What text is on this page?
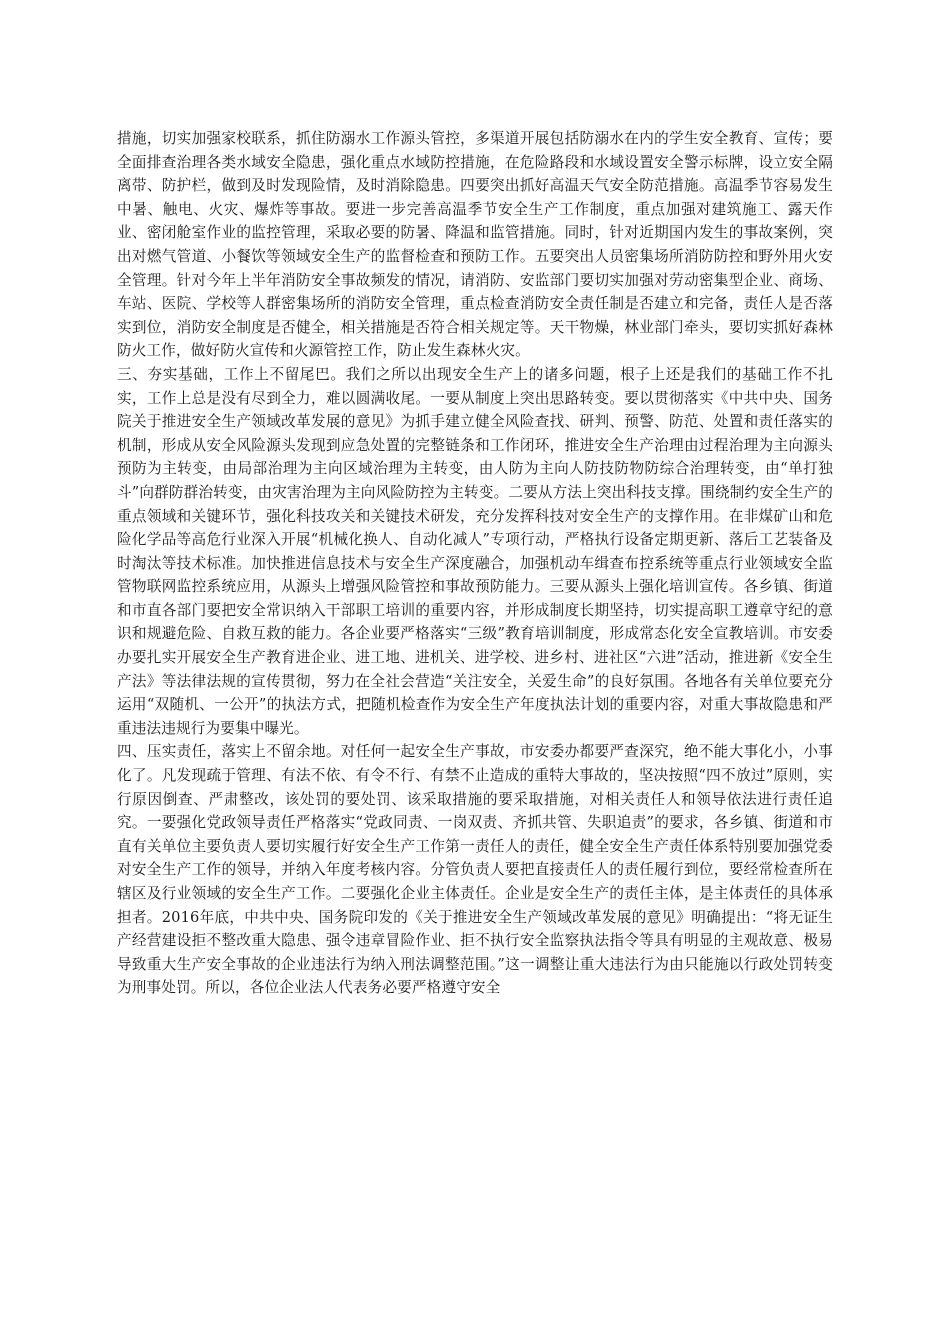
措施，切实加强家校联系，抓住防溺水工作源头管控，多渠道开展包括防溺水在内的学生安全教育、宣传；要全面排查治理各类水域安全隐患，强化重点水域防控措施，在危险路段和水域设置安全警示标牌，设立安全隔离带、防护栏，做到及时发现险情，及时消除隐患。四要突出抓好高温天气安全防范措施。高温季节容易发生中暑、触电、火灾、爆炸等事故。要进一步完善高温季节安全生产工作制度，重点加强对建筑施工、露天作业、密闭舱室作业的监控管理，采取必要的防暑、降温和监管措施。同时，针对近期国内发生的事故案例，突出对燃气管道、小餐饮等领域安全生产的监督检查和预防工作。五要突出人员密集场所消防防控和野外用火安全管理。针对今年上半年消防安全事故频发的情况，请消防、安监部门要切实加强对劳动密集型企业、商场、车站、医院、学校等人群密集场所的消防安全管理，重点检查消防安全责任制是否建立和完备，责任人是否落实到位，消防安全制度是否健全，相关措施是否符合相关规定等。天干物燥，林业部门牵头，要切实抓好森林防火工作，做好防火宣传和火源管控工作，防止发生森林火灾。

三、夯实基础，工作上不留尾巴。我们之所以出现安全生产上的诸多问题，根子上还是我们的基础工作不扎实，工作上总是没有尽到全力，难以圆满收尾。一要从制度上突出思路转变。要以贯彻落实《中共中央、国务院关于推进安全生产领域改革发展的意见》为抓手建立健全风险查找、研判、预警、防范、处置和责任落实的机制，形成从安全风险源头发现到应急处置的完整链条和工作闭环，推进安全生产治理由过程治理为主向源头预防为主转变，由局部治理为主向区域治理为主转变，由人防为主向人防技防物防综合治理转变，由“单打独斗”向群防群治转变，由灾害治理为主向风险防控为主转变。二要从方法上突出科技支撑。围绕制约安全生产的重点领域和关键环节，强化科技攻关和关键技术研发，充分发挥科技对安全生产的支撑作用。在非煤矿山和危险化学品等高危行业深入开展“机械化换人、自动化减人”专项行动，严格执行设备定期更新、落后工艺装备及时淘汰等技术标准。加快推进信息技术与安全生产深度融合，加强机动车缉查布控系统等重点行业领域安全监管物联网监控系统应用，从源头上增强风险管控和事故预防能力。三要从源头上强化培训宣传。各乡镇、街道和市直各部门要把安全常识纳入干部职工培训的重要内容，并形成制度长期坚持，切实提高职工遵章守纪的意识和规避危险、自救互救的能力。各企业要严格落实“三级”教育培训制度，形成常态化安全宣教培训。市安委办要扎实开展安全生产教育进企业、进工地、进机关、进学校、进乡村、进社区“六进”活动，推进新《安全生产法》等法律法规的宣传贯彻，努力在全社会营造“关注安全，关爱生命”的良好氛围。各地各有关单位要充分运用“双随机、一公开”的执法方式，把随机检查作为安全生产年度执法计划的重要内容，对重大事故隐患和严重违法违规行为要集中曝光。

四、压实责任，落实上不留余地。对任何一起安全生产事故，市安委办都要严查深究，绝不能大事化小，小事化了。凡发现疏于管理、有法不依、有令不行、有禁不止造成的重特大事故的，坚决按照“四不放过”原则，实行原因倒查、严肃整改，该处罚的要处罚、该采取措施的要采取措施，对相关责任人和领导依法进行责任追究。一要强化党政领导责任严格落实“党政同责、一岗双责、齐抓共管、失职追责”的要求，各乡镇、街道和市直有关单位主要负责人要切实履行好安全生产工作第一责任人的责任，健全安全生产责任体系特别要加强党委对安全生产工作的领导，并纳入年度考核内容。分管负责人要把直接责任人的责任履行到位，要经常检查所在辖区及行业领域的安全生产工作。二要强化企业主体责任。企业是安全生产的责任主体，是主体责任的具体承担者。2016年底，中共中央、国务院印发的《关于推进安全生产领域改革发展的意见》明确提出：“将无证生产经营建设拒不整改重大隐患、强令违章冒险作业、拒不执行安全监察执法指令等具有明显的主观故意、极易导致重大生产安全事故的企业违法行为纳入刑法调整范围。”这一调整让重大违法行为由只能施以行政处罚转变为刑事处罚。所以，各位企业法人代表务必要严格遵守安全
